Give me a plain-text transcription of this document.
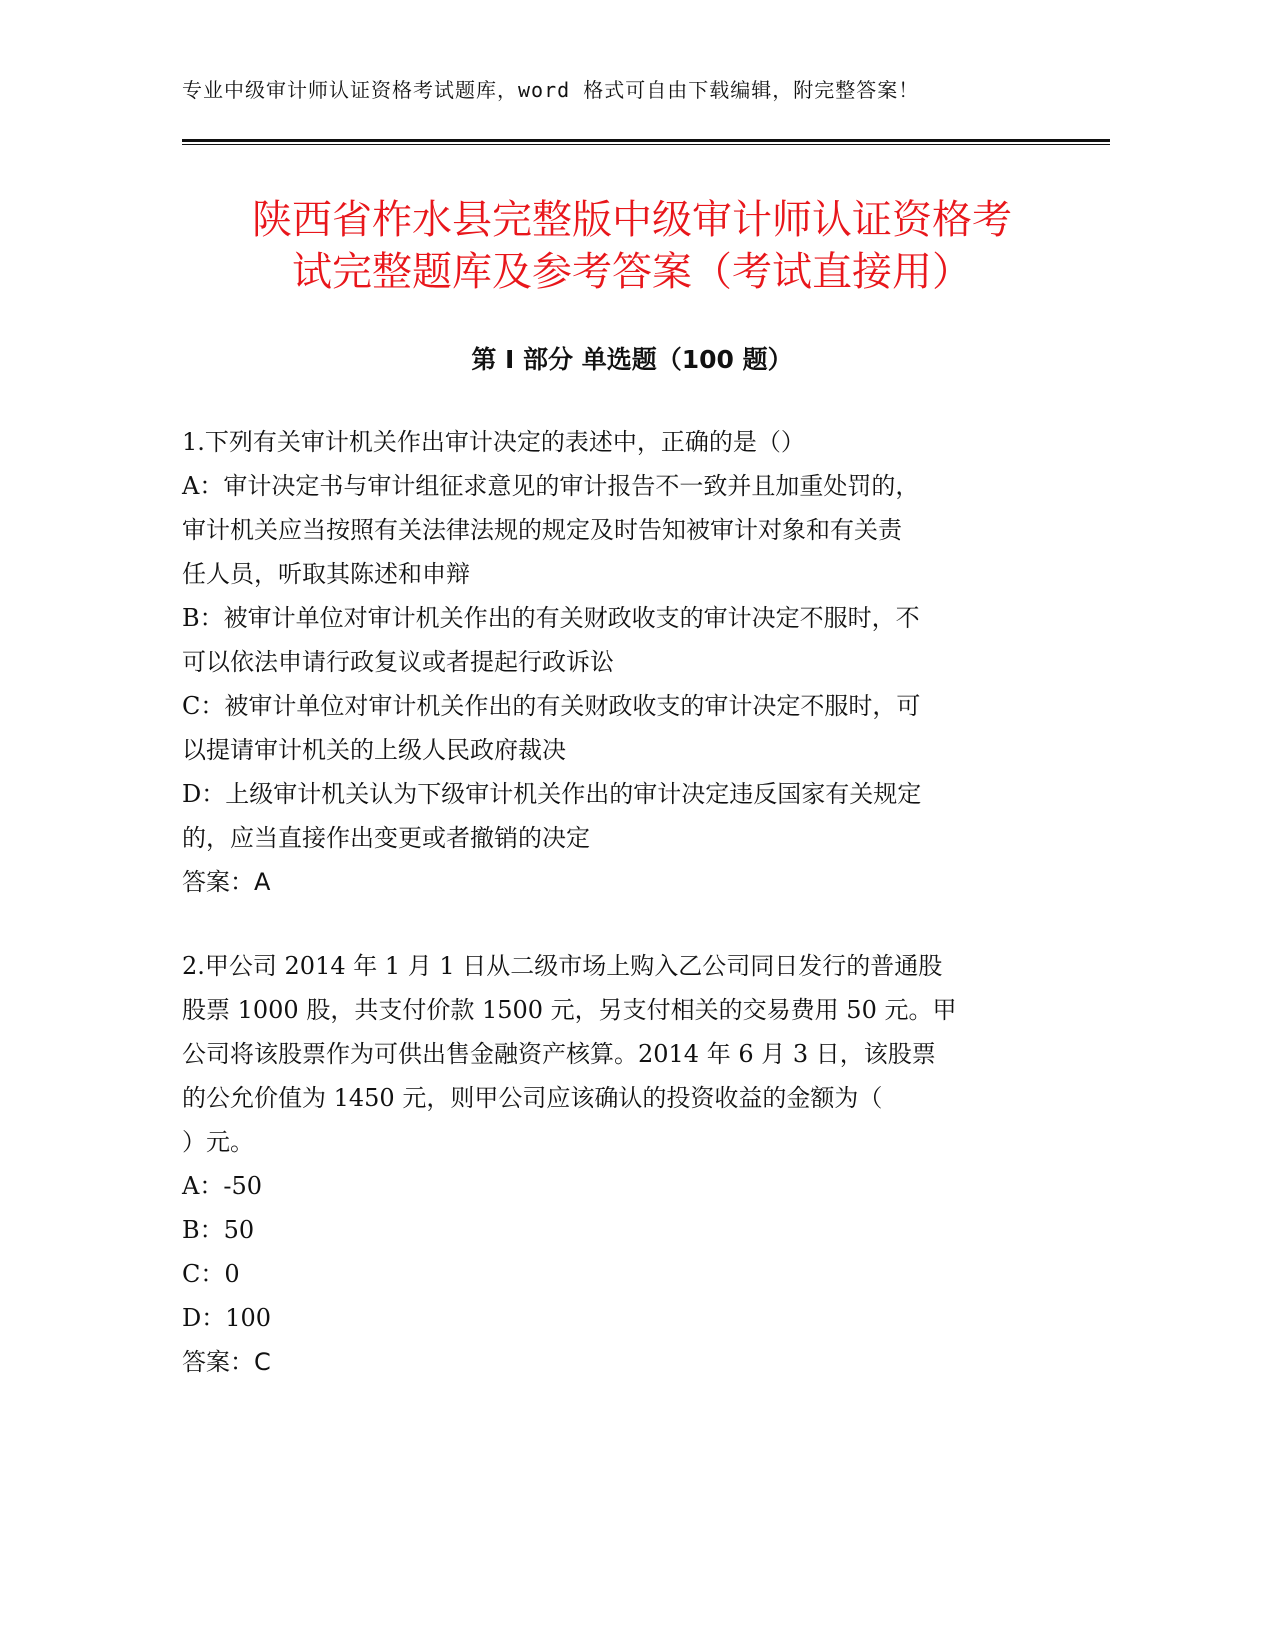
专业中级审计师认证资格考试题库，word 格式可自由下载编辑，附完整答案！
陕西省柞水县完整版中级审计师认证资格考
试完整题库及参考答案（考试直接用）
第 I 部分 单选题（100 题）

1.下列有关审计机关作出审计决定的表述中，正确的是（）

A：审计决定书与审计组征求意见的审计报告不一致并且加重处罚的，

审计机关应当按照有关法律法规的规定及时告知被审计对象和有关责

任人员，听取其陈述和申辩

B：被审计单位对审计机关作出的有关财政收支的审计决定不服时，不

可以依法申请行政复议或者提起行政诉讼

C：被审计单位对审计机关作出的有关财政收支的审计决定不服时，可

以提请审计机关的上级人民政府裁决

D：上级审计机关认为下级审计机关作出的审计决定违反国家有关规定

的，应当直接作出变更或者撤销的决定

答案：A

2.甲公司 2014 年 1 月 1 日从二级市场上购入乙公司同日发行的普通股

股票 1000 股，共支付价款 1500 元，另支付相关的交易费用 50 元。甲

公司将该股票作为可供出售金融资产核算。2014 年 6 月 3 日，该股票

的公允价值为 1450 元，则甲公司应该确认的投资收益的金额为（

）元。

A：-50

B：50

C：0

D：100

答案：C
